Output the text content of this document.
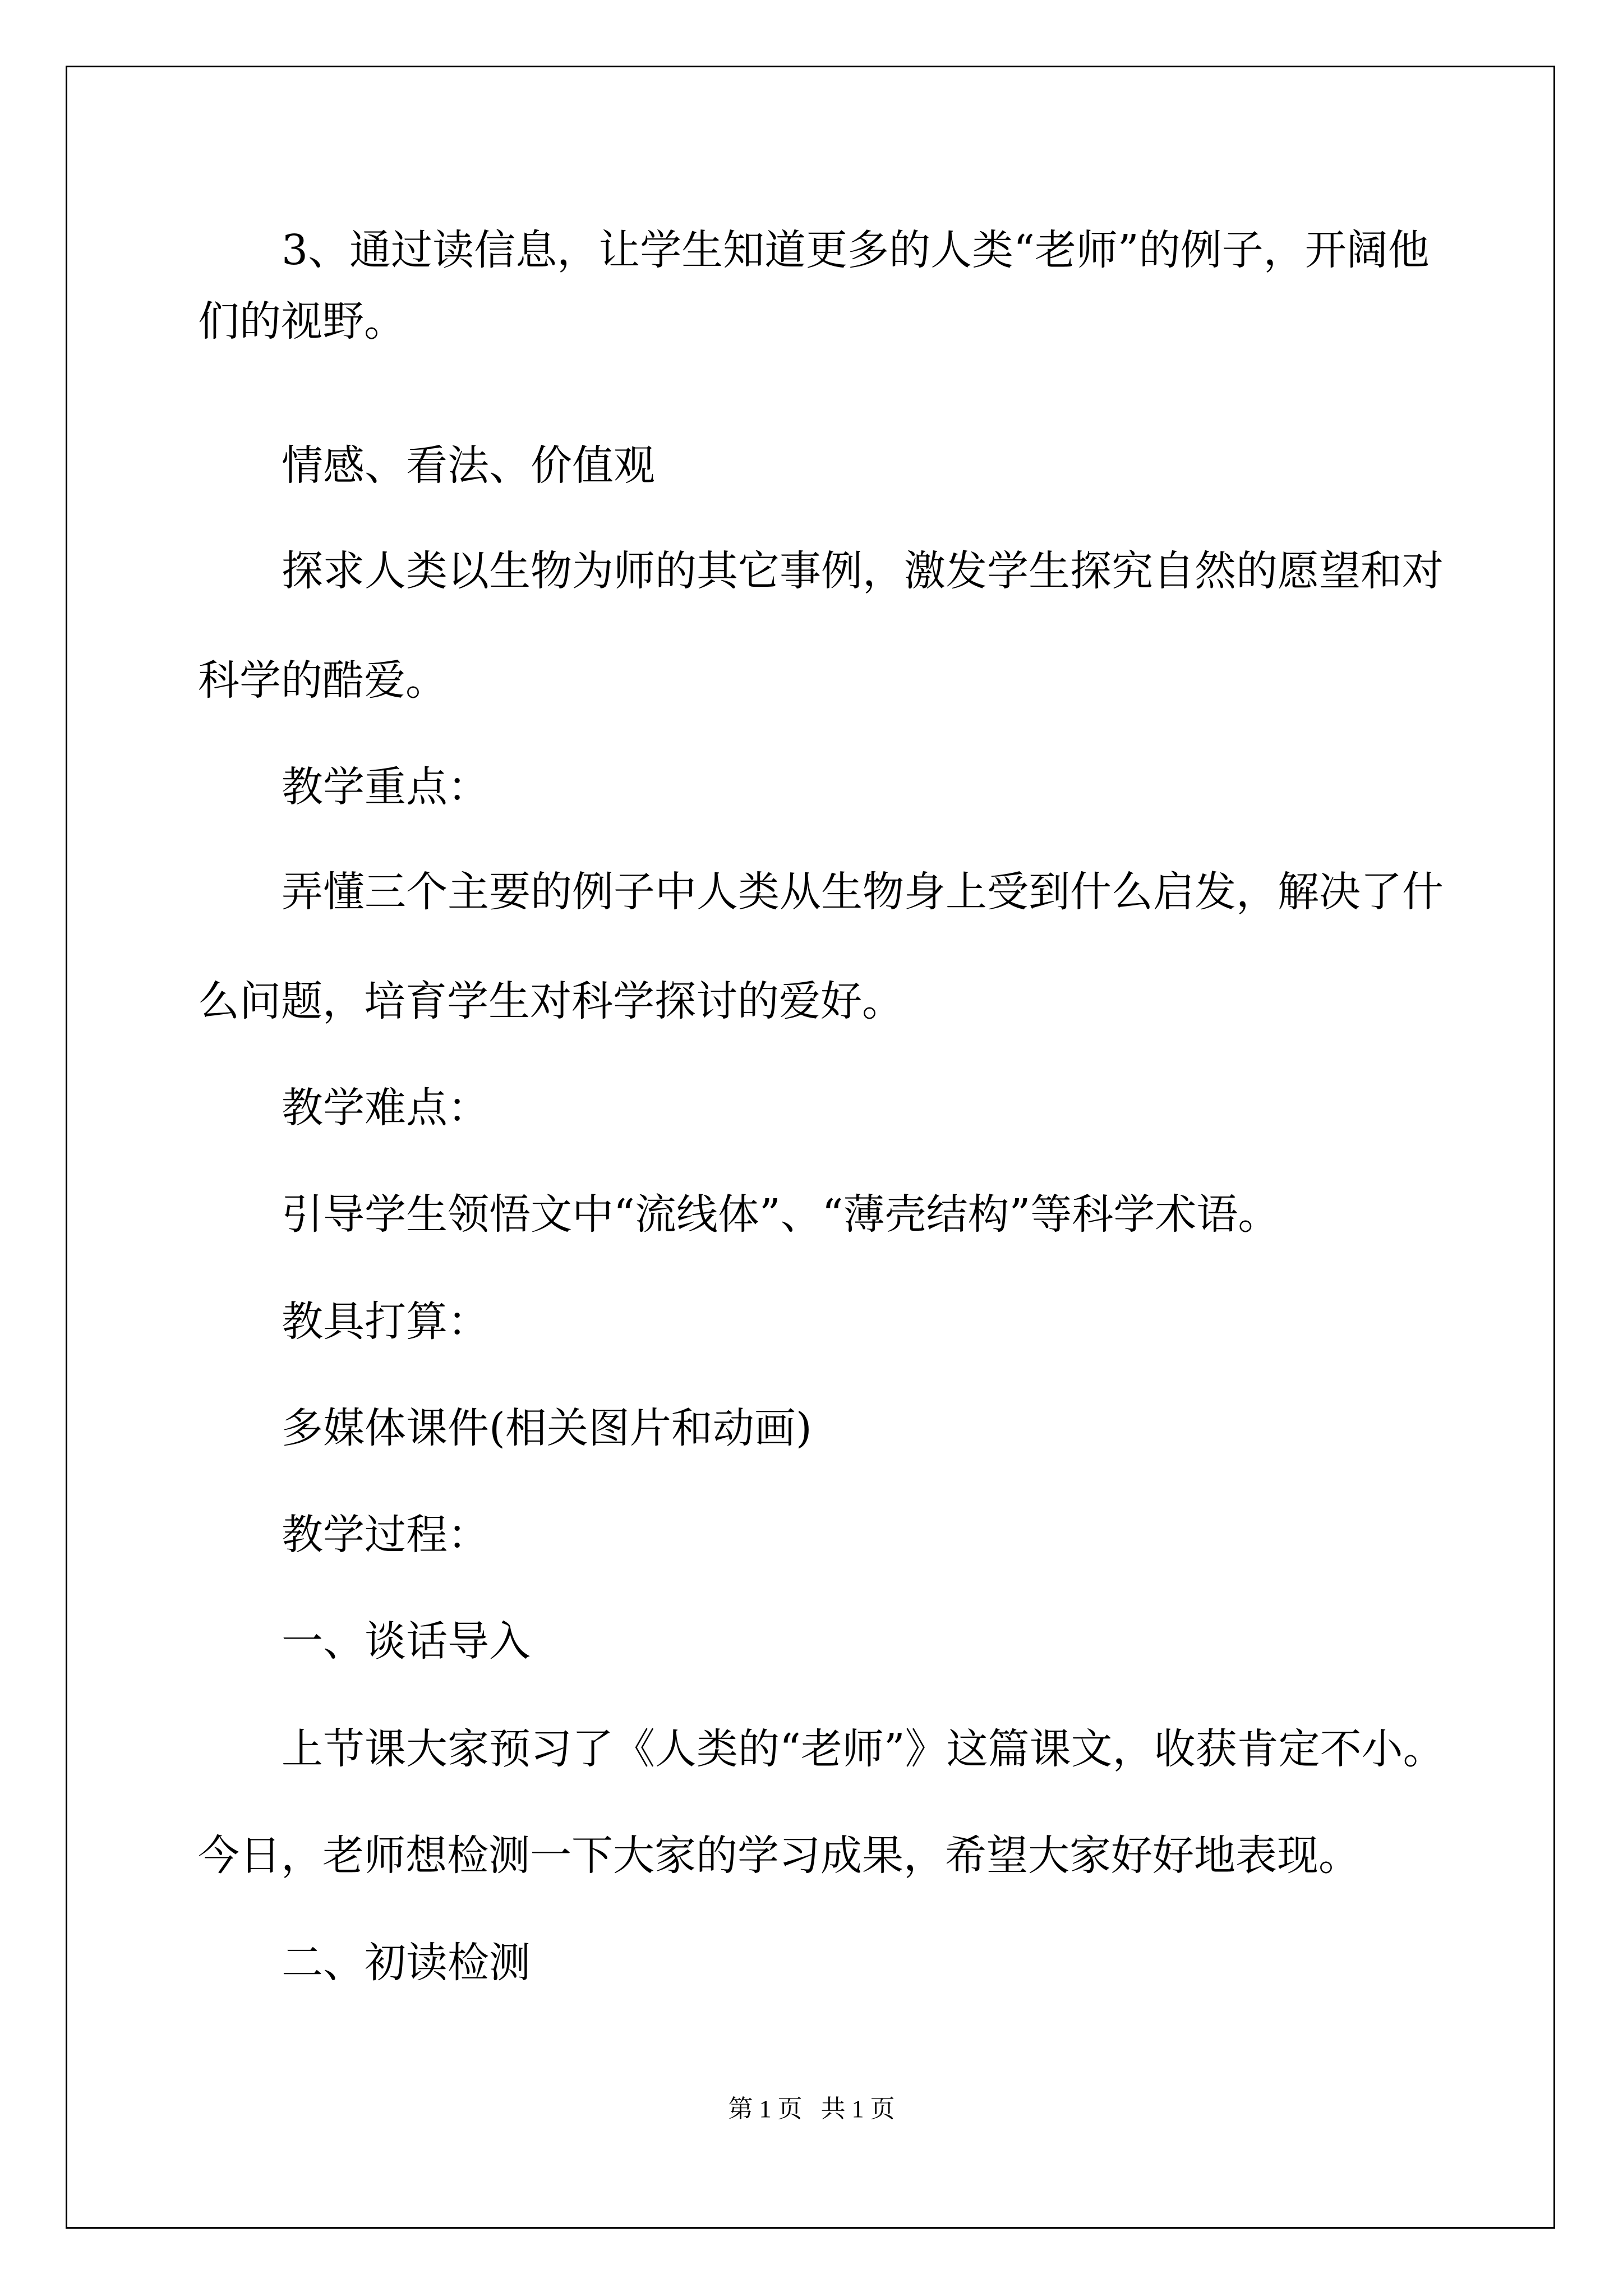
3、通过读信息，让学生知道更多的人类“老师”的例子，开阔他
们的视野。
情感、看法、价值观
探求人类以生物为师的其它事例，激发学生探究自然的愿望和对
科学的酷爱。
教学重点：
弄懂三个主要的例子中人类从生物身上受到什么启发，解决了什
么问题，培育学生对科学探讨的爱好。
教学难点：
引导学生领悟文中“流线体”、“薄壳结构”等科学术语。
教具打算：
多媒体课件(相关图片和动画)
教学过程：
一、谈话导入
上节课大家预习了《人类的“老师”》这篇课文，收获肯定不小。
今日，老师想检测一下大家的学习成果，希望大家好好地表现。
二、初读检测
第 1 页   共 1 页
